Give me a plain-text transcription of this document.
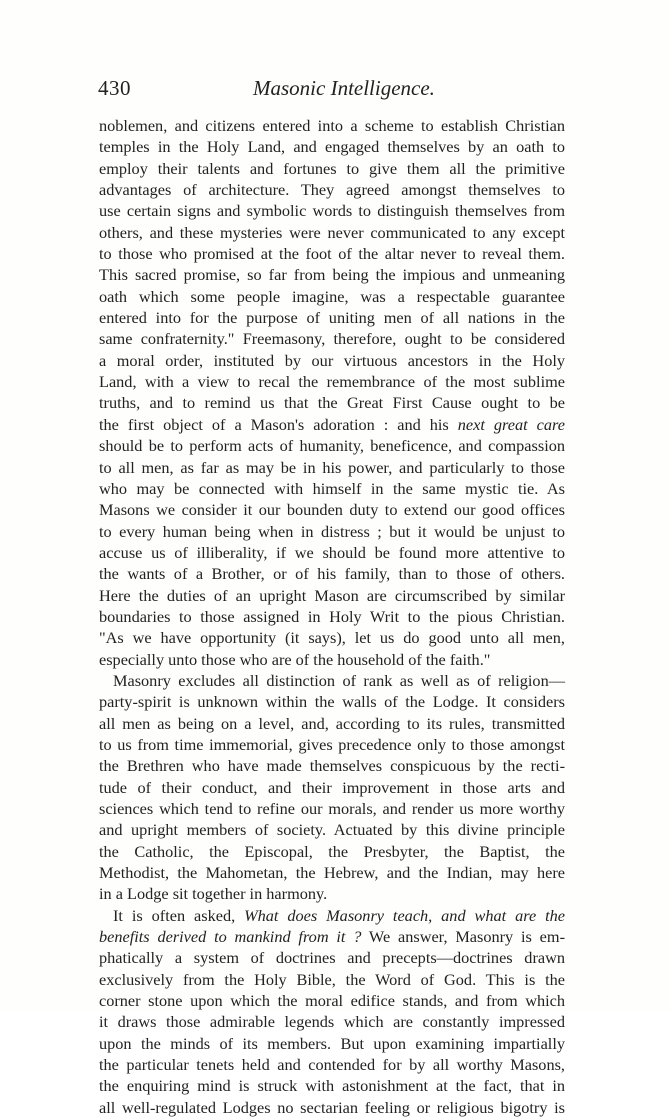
430	Masonic Intelligence.
noblemen, and citizens entered into a scheme to establish Christian
temples in the Holy Land, and engaged themselves by an oath to
employ their talents and fortunes to give them all the primitive
advantages of architecture. They agreed amongst themselves to
use certain signs and symbolic words to distinguish themselves from
others, and these mysteries were never communicated to any except
to those who promised at the foot of the altar never to reveal them.
This sacred promise, so far from being the impious and unmeaning
oath which some people imagine, was a respectable guarantee
entered into for the purpose of uniting men of all nations in the
same confraternity." Freemasony, therefore, ought to be considered
a moral order, instituted by our virtuous ancestors in the Holy
Land, with a view to recal the remembrance of the most sublime
truths, and to remind us that the Great First Cause ought to be
the first object of a Mason's adoration : and his next great care
should be to perform acts of humanity, beneficence, and compassion
to all men, as far as may be in his power, and particularly to those
who may be connected with himself in the same mystic tie. As
Masons we consider it our bounden duty to extend our good offices
to every human being when in distress ; but it would be unjust to
accuse us of illiberality, if we should be found more attentive to
the wants of a Brother, or of his family, than to those of others.
Here the duties of an upright Mason are circumscribed by similar
boundaries to those assigned in Holy Writ to the pious Christian.
"As we have opportunity (it says), let us do good unto all men,
especially unto those who are of the household of the faith."
Masonry excludes all distinction of rank as well as of religion—
party-spirit is unknown within the walls of the Lodge. It considers
all men as being on a level, and, according to its rules, transmitted
to us from time immemorial, gives precedence only to those amongst
the Brethren who have made themselves conspicuous by the recti-
tude of their conduct, and their improvement in those arts and
sciences which tend to refine our morals, and render us more worthy
and upright members of society. Actuated by this divine principle
the Catholic, the Episcopal, the Presbyter, the Baptist, the
Methodist, the Mahometan, the Hebrew, and the Indian, may here
in a Lodge sit together in harmony.
It is often asked, What does Masonry teach, and what are the
benefits derived to mankind from it ? We answer, Masonry is em-
phatically a system of doctrines and precepts—doctrines drawn
exclusively from the Holy Bible, the Word of God. This is the
corner stone upon which the moral edifice stands, and from which
it draws those admirable legends which are constantly impressed
upon the minds of its members. But upon examining impartially
the particular tenets held and contended for by all worthy Masons,
the enquiring mind is struck with astonishment at the fact, that in
all well-regulated Lodges no sectarian feeling or religious bigotry is
